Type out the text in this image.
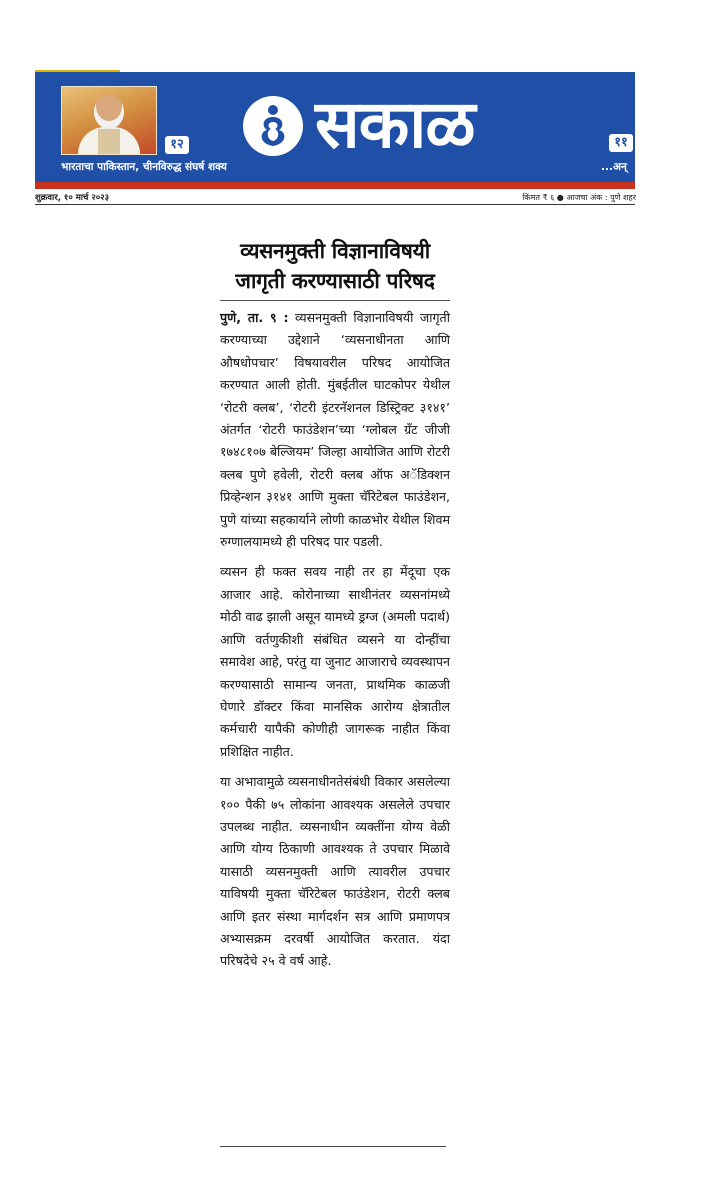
१२
भारताचा पाकिस्तान, चीनविरुद्ध संघर्ष शक्य
सकाळ	११
...अन्
शुक्रवार, १० मार्च २०२३	किंमत ₹ ६ ● आजचा अंक : पुणे शहर
व्यसनमुक्ती विज्ञानाविषयी जागृती करण्यासाठी परिषद

पुणे, ता. ९ : व्यसनमुक्ती विज्ञानाविषयी जागृती करण्याच्या उद्देशाने ‘व्यसनाधीनता आणि औषधोपचार’ विषयावरील परिषद आयोजित करण्यात आली होती. मुंबईतील घाटकोपर येथील ‘रोटरी क्लब’, ‘रोटरी इंटरनॅशनल डिस्ट्रिक्ट ३१४१’ अंतर्गत ‘रोटरी फाउंडेशन’च्या ‘ग्लोबल ग्रँट जीजी १७४८१०७ बेल्जियम’ जिल्हा आयोजित आणि रोटरी क्लब पुणे हवेली, रोटरी क्लब ऑफ अॅडिक्शन प्रिव्हेन्शन ३१४१ आणि मुक्ता चॅरिटेबल फाउंडेशन, पुणे यांच्या सहकार्याने लोणी काळभोर येथील शिवम रुग्णालयामध्ये ही परिषद पार पडली.

व्यसन ही फक्त सवय नाही तर हा मेंदूचा एक आजार आहे. कोरोनाच्या साथीनंतर व्यसनांमध्ये मोठी वाढ झाली असून यामध्ये ड्रग्ज (अमली पदार्थ) आणि वर्तणुकीशी संबंधित व्यसने या दोन्हींचा समावेश आहे, परंतु या जुनाट आजाराचे व्यवस्थापन करण्यासाठी सामान्य जनता, प्राथमिक काळजी घेणारे डॉक्टर किंवा मानसिक आरोग्य क्षेत्रातील कर्मचारी यापैकी कोणीही जागरूक नाहीत किंवा प्रशिक्षित नाहीत.

या अभावामुळे व्यसनाधीनतेसंबंधी विकार असलेल्या १०० पैकी ७५ लोकांना आवश्यक असलेले उपचार उपलब्ध नाहीत. व्यसनाधीन व्यक्तींना योग्य वेळी आणि योग्य ठिकाणी आवश्यक ते उपचार मिळावे यासाठी व्यसनमुक्ती आणि त्यावरील उपचार याविषयी मुक्ता चॅरिटेबल फाउंडेशन, रोटरी क्लब आणि इतर संस्था मार्गदर्शन सत्र आणि प्रमाणपत्र अभ्यासक्रम दरवर्षी आयोजित करतात. यंदा परिषदेचे २५ वे वर्ष आहे.
